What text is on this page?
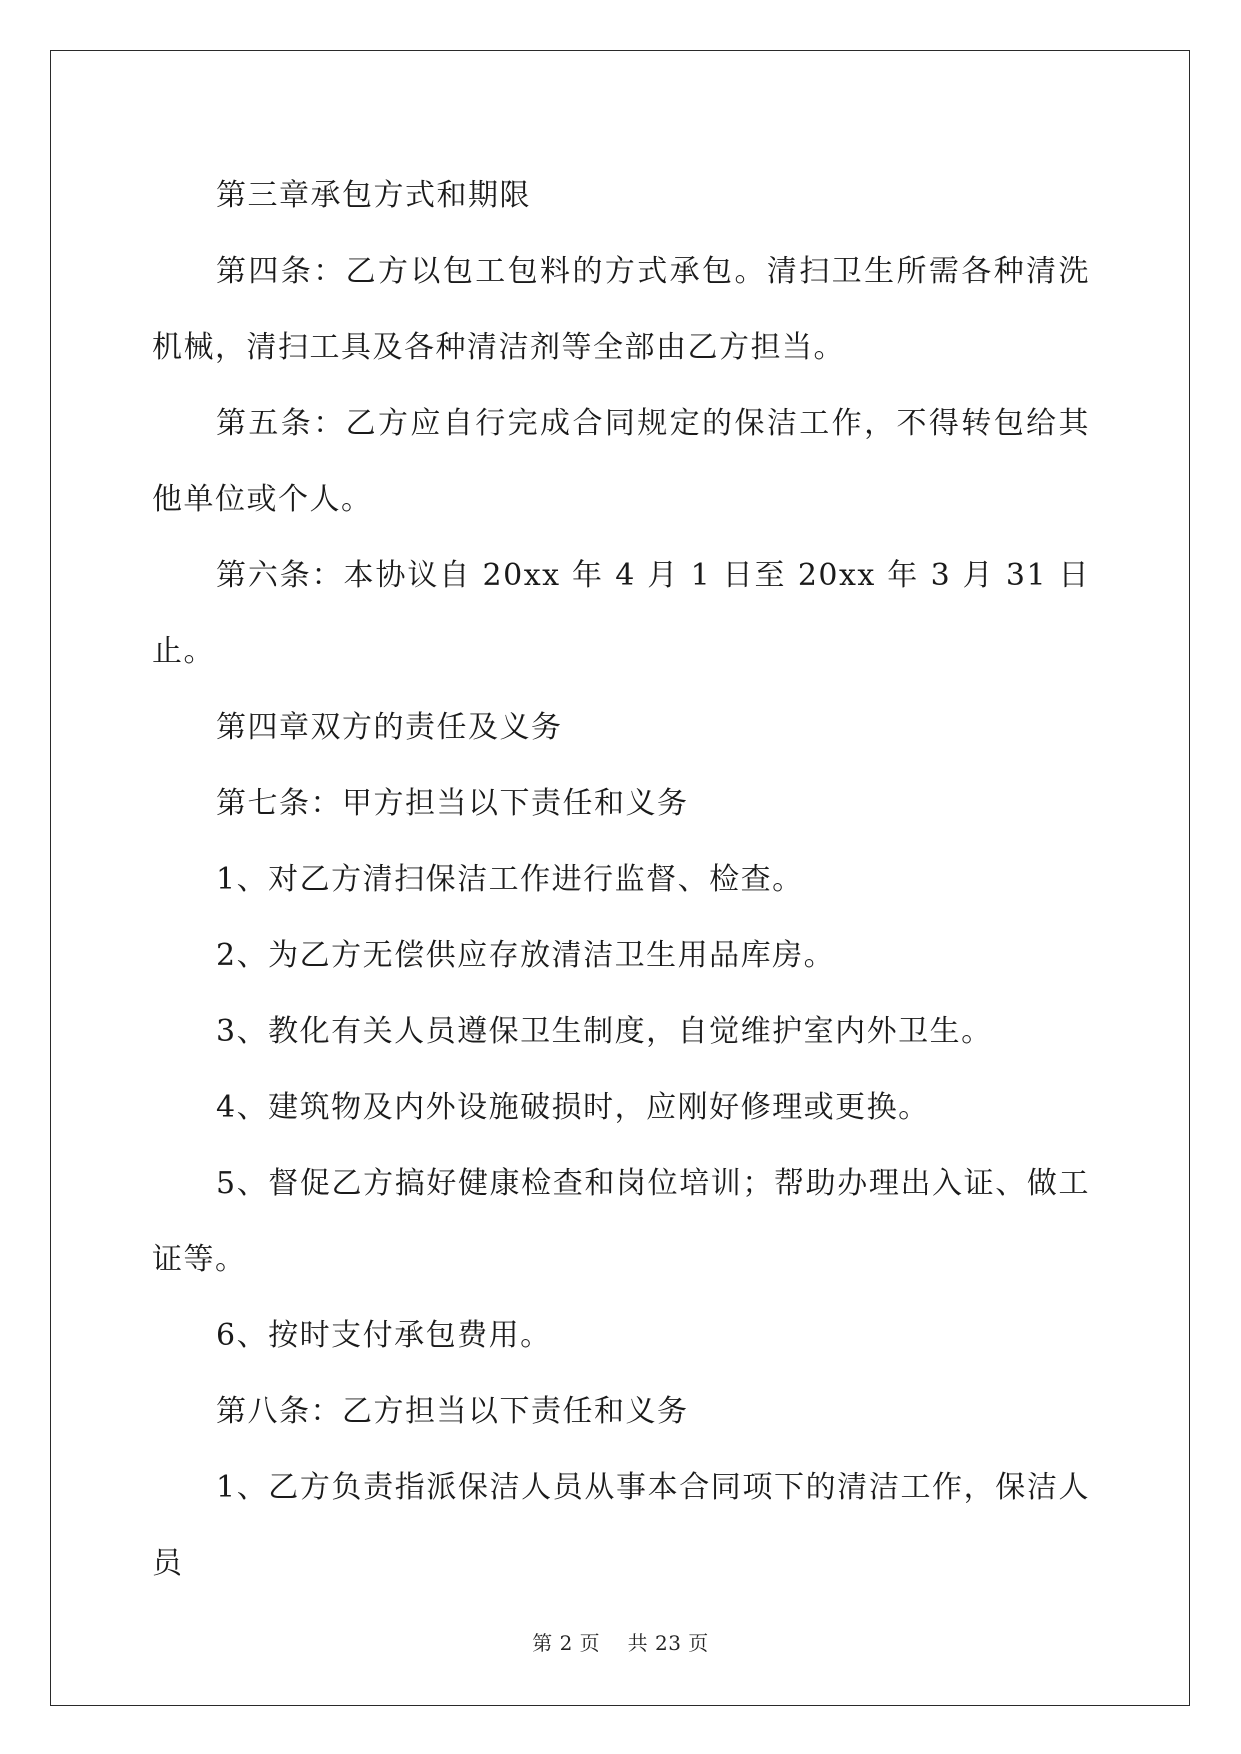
第三章承包方式和期限

第四条：乙方以包工包料的方式承包。清扫卫生所需各种清洗机械，清扫工具及各种清洁剂等全部由乙方担当。

第五条：乙方应自行完成合同规定的保洁工作，不得转包给其他单位或个人。

第六条：本协议自 20xx 年 4 月 1 日至 20xx 年 3 月 31 日止。

第四章双方的责任及义务

第七条：甲方担当以下责任和义务

1、对乙方清扫保洁工作进行监督、检查。

2、为乙方无偿供应存放清洁卫生用品库房。

3、教化有关人员遵保卫生制度，自觉维护室内外卫生。

4、建筑物及内外设施破损时，应刚好修理或更换。

5、督促乙方搞好健康检查和岗位培训；帮助办理出入证、做工证等。

6、按时支付承包费用。

第八条：乙方担当以下责任和义务

1、乙方负责指派保洁人员从事本合同项下的清洁工作，保洁人员

第 2 页 共 23 页
